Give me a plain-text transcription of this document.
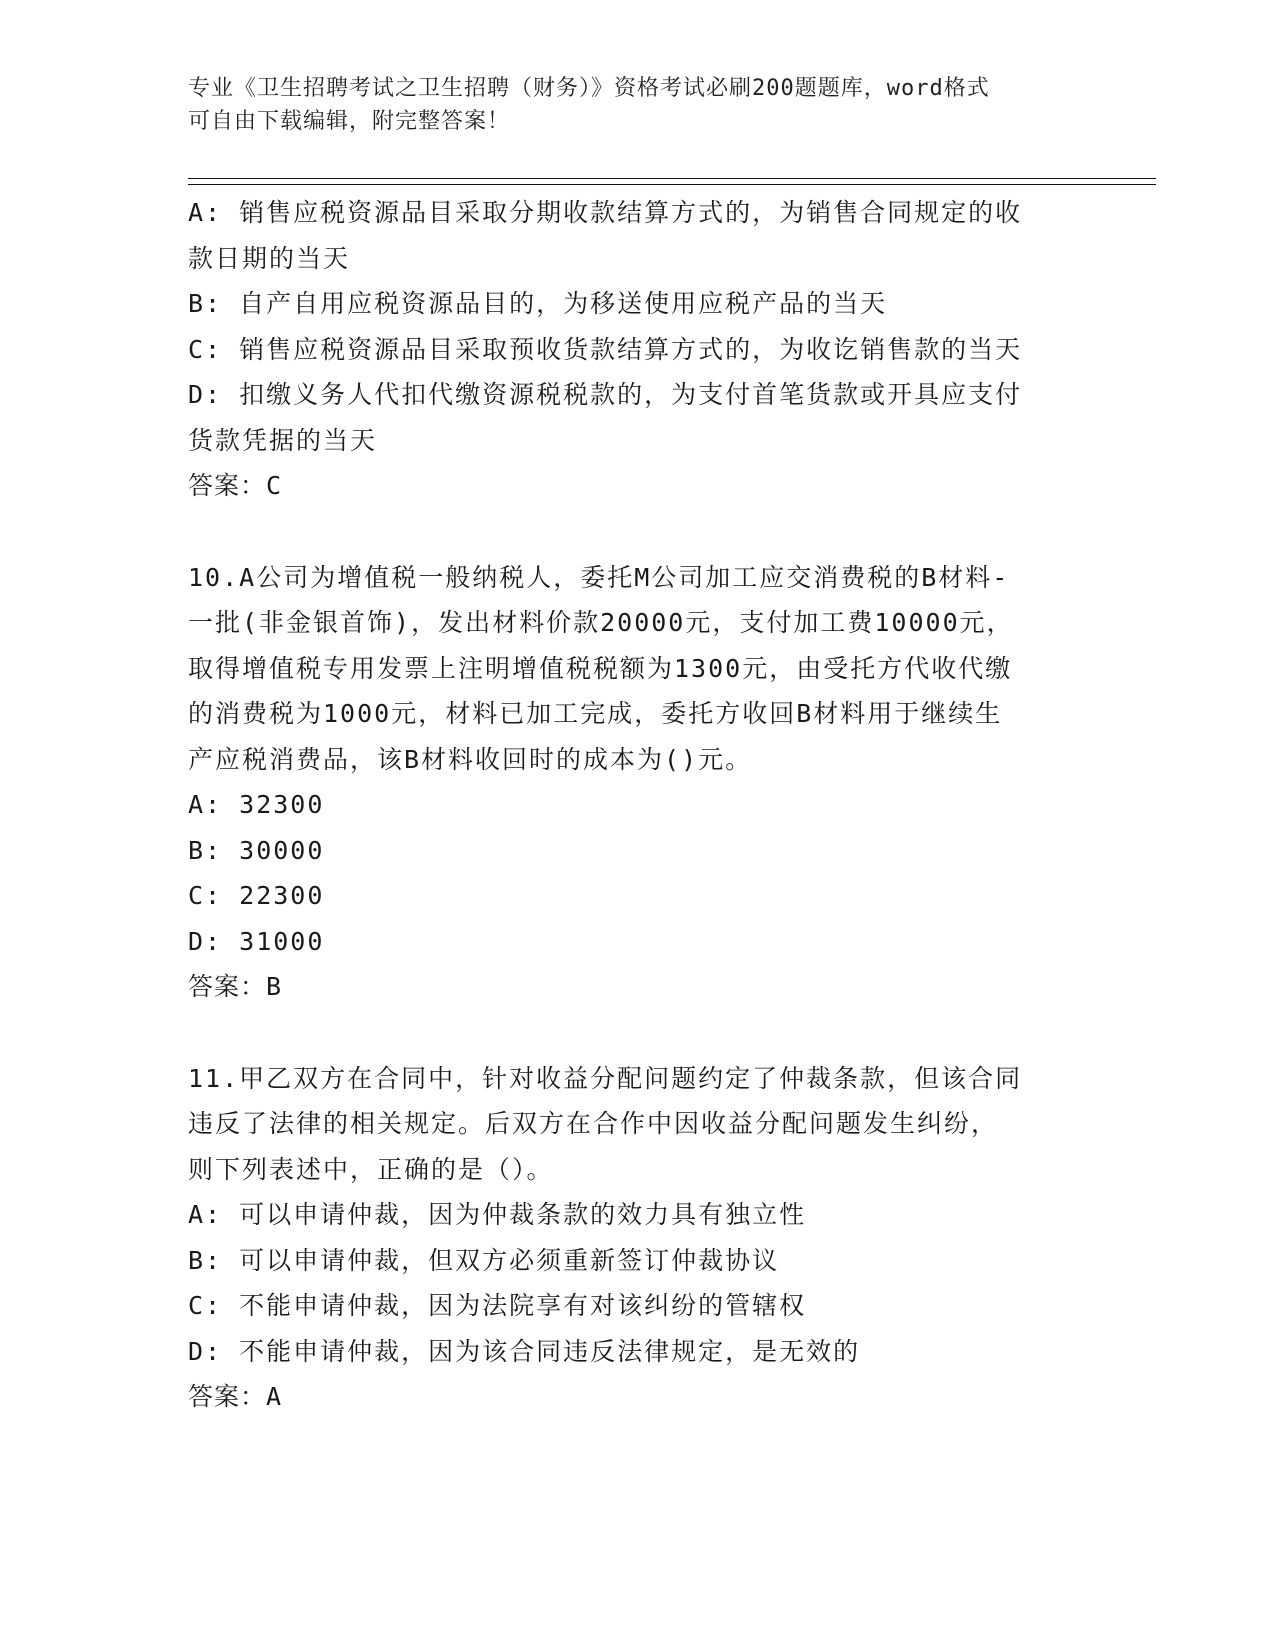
专业《卫生招聘考试之卫生招聘（财务）》资格考试必刷200题题库，word格式
可自由下载编辑，附完整答案！
A: 销售应税资源品目采取分期收款结算方式的，为销售合同规定的收
款日期的当天
B: 自产自用应税资源品目的，为移送使用应税产品的当天
C: 销售应税资源品目采取预收货款结算方式的，为收讫销售款的当天
D: 扣缴义务人代扣代缴资源税税款的，为支付首笔货款或开具应支付
货款凭据的当天
答案：C
10.A公司为增值税一般纳税人，委托M公司加工应交消费税的B材料-
一批(非金银首饰)，发出材料价款20000元，支付加工费10000元，
取得增值税专用发票上注明增值税税额为1300元，由受托方代收代缴
的消费税为1000元，材料已加工完成，委托方收回B材料用于继续生
产应税消费品，该B材料收回时的成本为()元。
A: 32300
B: 30000
C: 22300
D: 31000
答案：B
11.甲乙双方在合同中，针对收益分配问题约定了仲裁条款，但该合同
违反了法律的相关规定。后双方在合作中因收益分配问题发生纠纷，
则下列表述中，正确的是（）。
A: 可以申请仲裁，因为仲裁条款的效力具有独立性
B: 可以申请仲裁，但双方必须重新签订仲裁协议
C: 不能申请仲裁，因为法院享有对该纠纷的管辖权
D: 不能申请仲裁，因为该合同违反法律规定，是无效的
答案：A
